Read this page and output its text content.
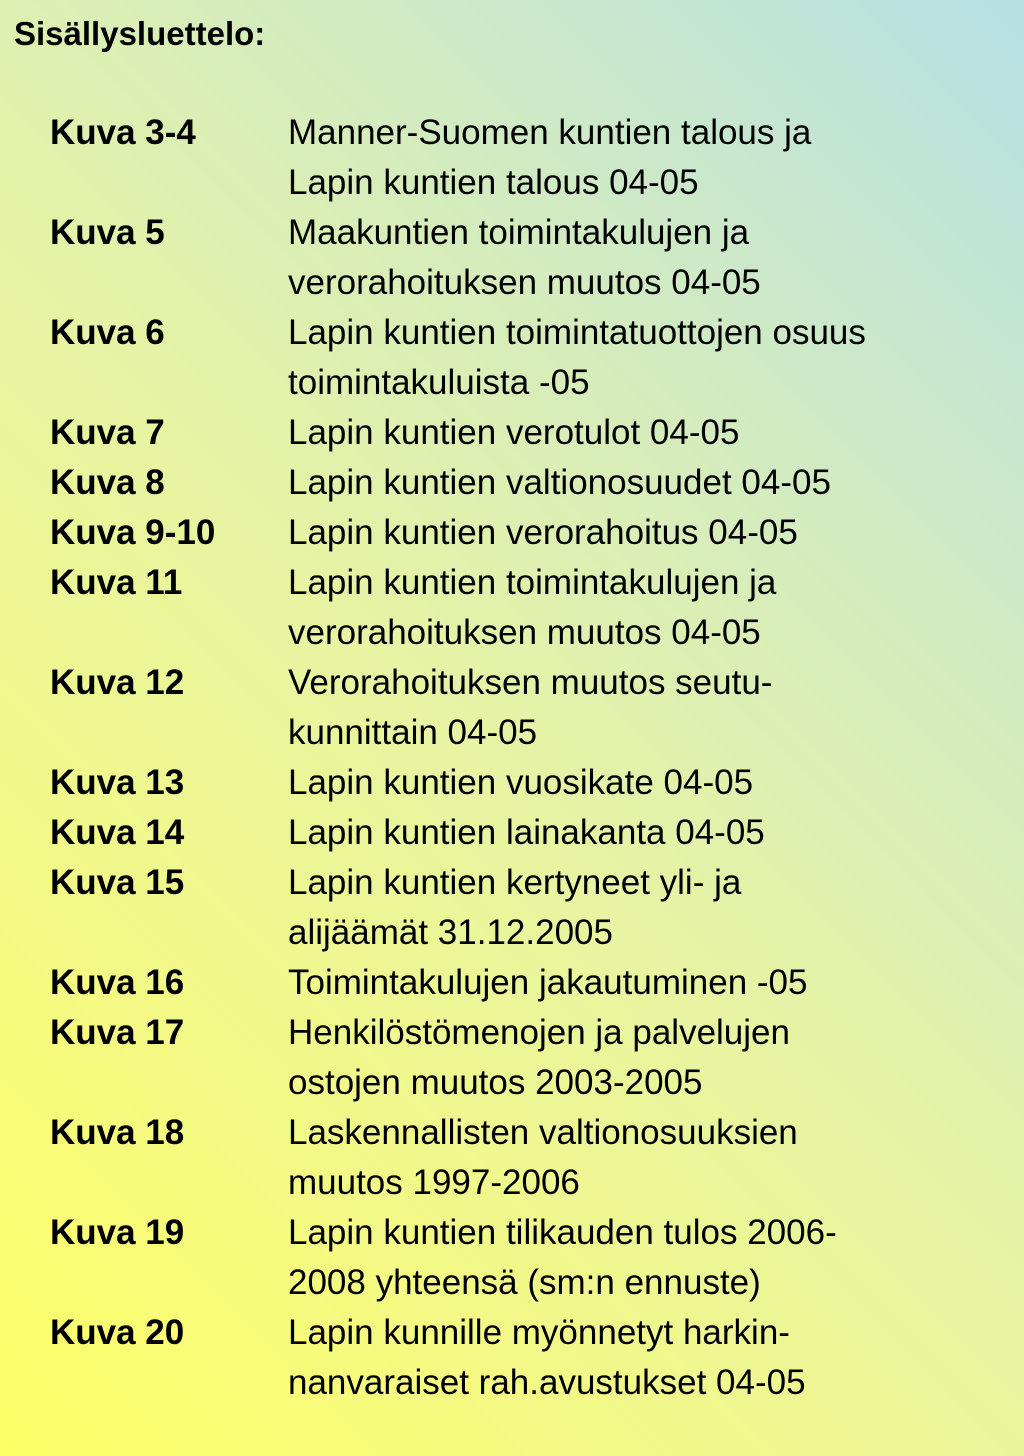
Sisällysluettelo:
Kuva 3-4	Manner-Suomen kuntien talous ja
Lapin kuntien talous 04-05
Kuva 5	Maakuntien toimintakulujen ja
verorahoituksen muutos 04-05
Kuva 6	Lapin kuntien toimintatuottojen osuus
toimintakuluista -05
Kuva 7	Lapin kuntien verotulot 04-05
Kuva 8	Lapin kuntien valtionosuudet 04-05
Kuva 9-10 Lapin kuntien verorahoitus 04-05
Kuva 11	Lapin kuntien toimintakulujen ja
verorahoituksen muutos 04-05
Kuva 12	Verorahoituksen muutos seutu-
kunnittain 04-05
Kuva 13	Lapin kuntien vuosikate 04-05
Kuva 14	Lapin kuntien lainakanta 04-05
Kuva 15	Lapin kuntien kertyneet yli- ja
alijäämät 31.12.2005
Kuva 16	Toimintakulujen jakautuminen -05
Kuva 17	Henkilöstömenojen ja palvelujen
ostojen muutos 2003-2005
Kuva 18	Laskennallisten valtionosuuksien
muutos 1997-2006
Kuva 19	Lapin kuntien tilikauden tulos 2006-
2008 yhteensä (sm:n ennuste)
Kuva 20	Lapin kunnille myönnetyt harkin-
nanvaraiset rah.avustukset 04-05
